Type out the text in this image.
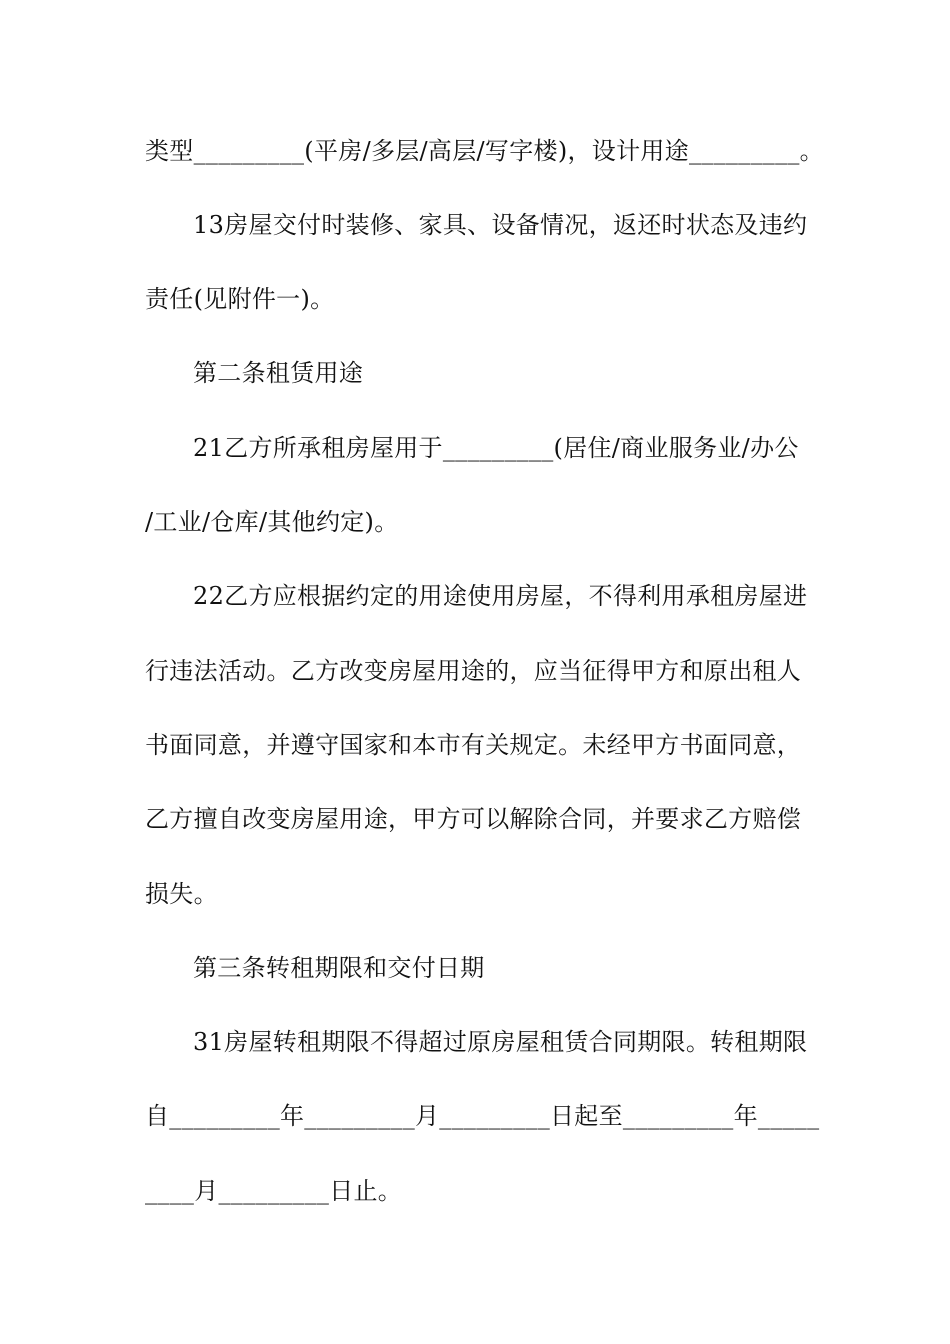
类型_________(平房/多层/高层/写字楼)，设计用途_________。
13房屋交付时装修、家具、设备情况，返还时状态及违约
责任(见附件一)。
第二条租赁用途
21乙方所承租房屋用于_________(居住/商业服务业/办公
/工业/仓库/其他约定)。
22乙方应根据约定的用途使用房屋，不得利用承租房屋进
行违法活动。乙方改变房屋用途的，应当征得甲方和原出租人
书面同意，并遵守国家和本市有关规定。未经甲方书面同意，
乙方擅自改变房屋用途，甲方可以解除合同，并要求乙方赔偿
损失。
第三条转租期限和交付日期
31房屋转租期限不得超过原房屋租赁合同期限。转租期限
自_________年_________月_________日起至_________年_____
____月_________日止。
